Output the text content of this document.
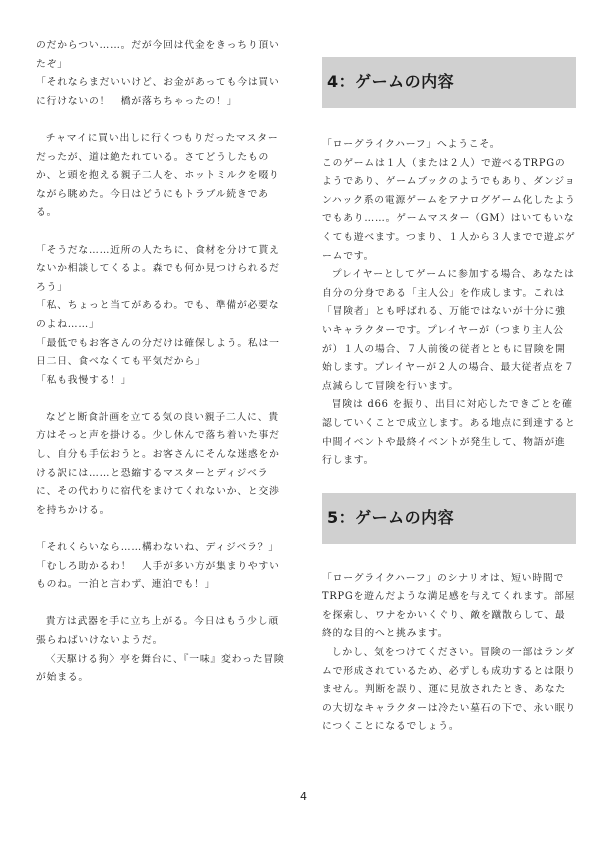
のだからつい……。だが今回は代金をきっちり頂いたぞ」

「それならまだいいけど、お金があっても今は買いに行けないの！　橋が落ちちゃったの！」

チャマイに買い出しに行くつもりだったマスターだったが、道は絶たれている。さてどうしたものか、と頭を抱える親子二人を、ホットミルクを啜りながら眺めた。今日はどうにもトラブル続きである。

「そうだな……近所の人たちに、食材を分けて貰えないか相談してくるよ。森でも何か見つけられるだろう」

「私、ちょっと当てがあるわ。でも、準備が必要なのよね……」

「最低でもお客さんの分だけは確保しよう。私は一日二日、食べなくても平気だから」

「私も我慢する！」

などと断食計画を立てる気の良い親子二人に、貴方はそっと声を掛ける。少し休んで落ち着いた事だし、自分も手伝おうと。お客さんにそんな迷惑をかける訳には……と恐縮するマスターとディジベラに、その代わりに宿代をまけてくれないか、と交渉を持ちかける。

「それくらいなら……構わないね、ディジベラ？」

「むしろ助かるわ！　人手が多い方が集まりやすいものね。一泊と言わず、連泊でも！」

貴方は武器を手に立ち上がる。今日はもう少し頑張らねばいけないようだ。

〈天駆ける狗〉亭を舞台に、『一味』変わった冒険が始まる。

4：ゲームの内容

「ローグライクハーフ」へようこそ。

このゲームは１人（または２人）で遊べるTRPGのようであり、ゲームブックのようでもあり、ダンジョンハック系の電源ゲームをアナログゲーム化したようでもあり……。ゲームマスター（GM）はいてもいなくても遊べます。つまり、１人から３人までで遊ぶゲームです。

プレイヤーとしてゲームに参加する場合、あなたは自分の分身である「主人公」を作成します。これは「冒険者」とも呼ばれる、万能ではないが十分に強いキャラクターです。プレイヤーが（つまり主人公が）１人の場合、７人前後の従者とともに冒険を開始します。プレイヤーが２人の場合、最大従者点を７点減らして冒険を行います。

冒険は d66 を振り、出目に対応したできごとを確認していくことで成立します。ある地点に到達すると中間イベントや最終イベントが発生して、物語が進行します。

5：ゲームの内容

「ローグライクハーフ」のシナリオは、短い時間でTRPGを遊んだような満足感を与えてくれます。部屋を探索し、ワナをかいくぐり、敵を蹴散らして、最終的な目的へと挑みます。

しかし、気をつけてください。冒険の一部はランダムで形成されているため、必ずしも成功するとは限りません。判断を誤り、運に見放されたとき、あなたの大切なキャラクターは冷たい墓石の下で、永い眠りにつくことになるでしょう。

4
